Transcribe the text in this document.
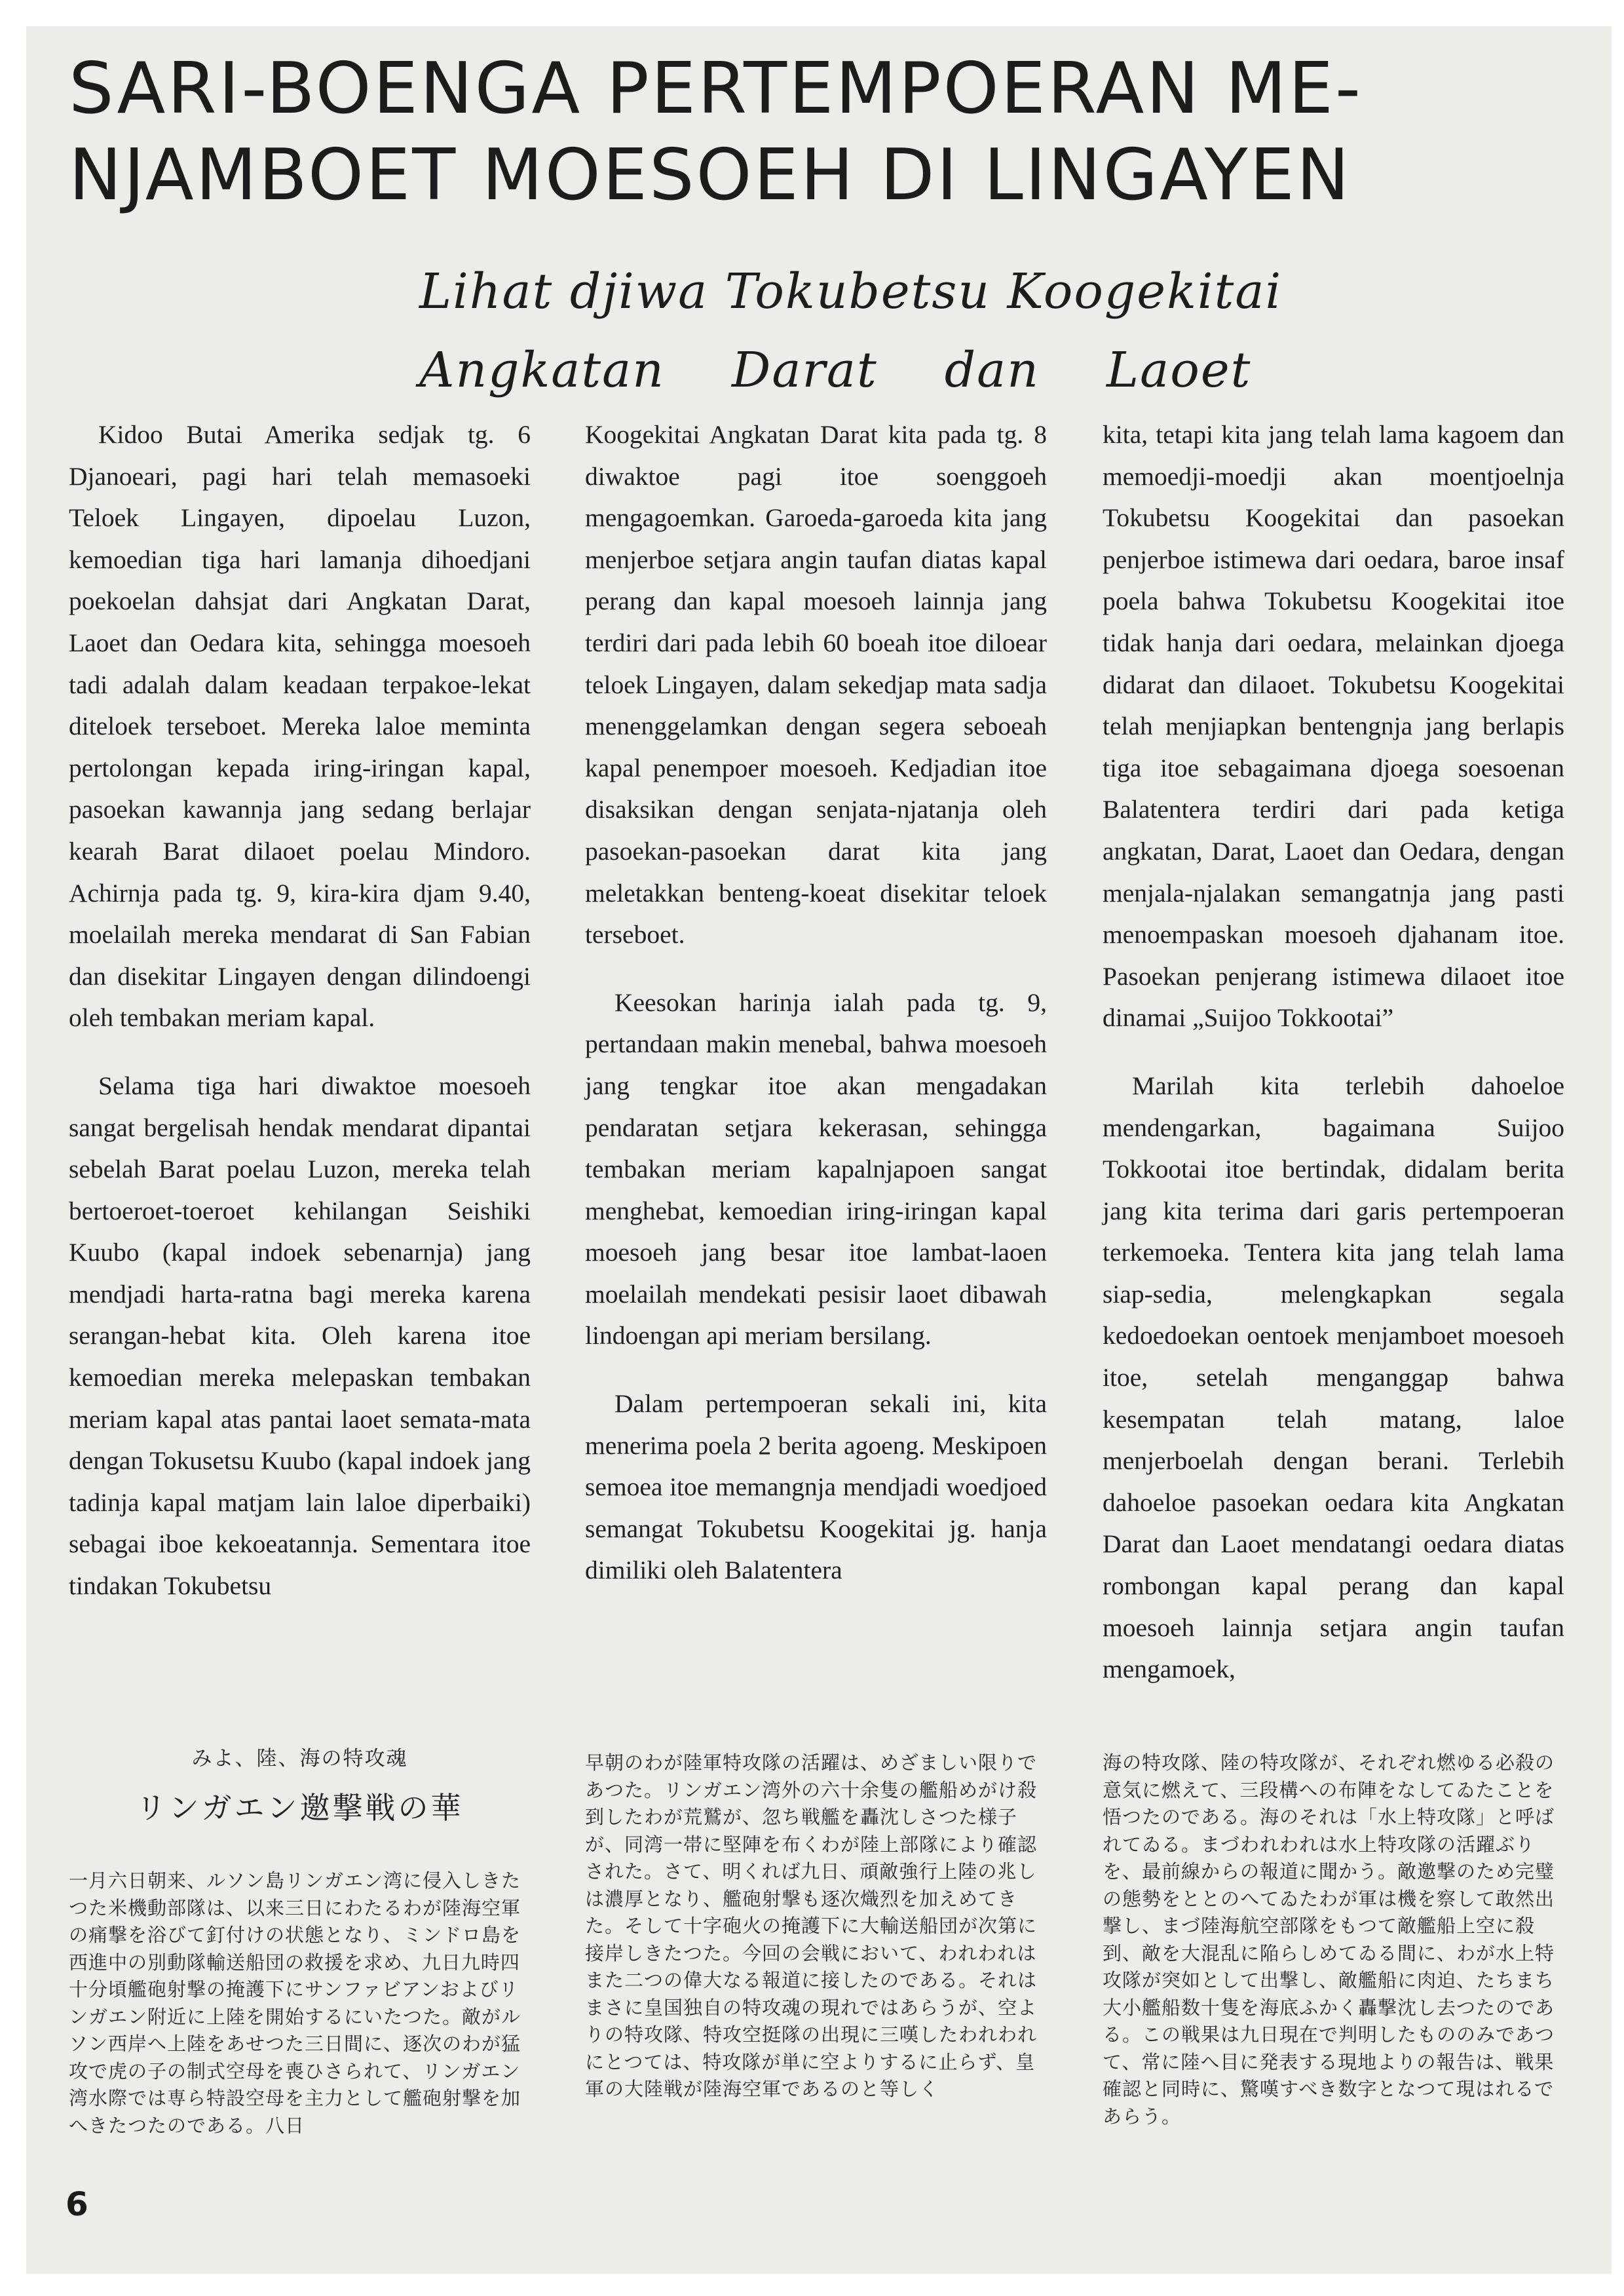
SARI-BOENGA PERTEMPOERAN ME-
NJAMBOET MOESOEH DI LINGAYEN
Lihat djiwa Tokubetsu Koogekitai
Angkatan    Darat    dan    Laoet

Kidoo Butai Amerika sedjak tg. 6 Djanoeari, pagi hari telah memasoeki Teloek Lingayen, dipoelau Luzon, kemoedian tiga hari lamanja dihoedjani poekoelan dahsjat dari Angkatan Darat, Laoet dan Oedara kita, sehingga moesoeh tadi adalah dalam keadaan terpakoe-lekat diteloek terseboet. Mereka laloe meminta pertolongan kepada iring-iringan kapal, pasoekan kawannja jang sedang berlajar kearah Barat dilaoet poelau Mindoro. Achirnja pada tg. 9, kira-kira djam 9.40, moelailah mereka mendarat di San Fabian dan disekitar Lingayen dengan dilindoengi oleh tembakan meriam kapal.

Selama tiga hari diwaktoe moesoeh sangat bergelisah hendak mendarat dipantai sebelah Barat poelau Luzon, mereka telah bertoeroet-toeroet kehilangan Seishiki Kuubo (kapal indoek sebenarnja) jang mendjadi harta-ratna bagi mereka karena serangan-hebat kita. Oleh karena itoe kemoedian mereka melepaskan tembakan meriam kapal atas pantai laoet semata-mata dengan Tokusetsu Kuubo (kapal indoek jang tadinja kapal matjam lain laloe diperbaiki) sebagai iboe kekoeatannja. Sementara itoe tindakan Tokubetsu

Koogekitai Angkatan Darat kita pada tg. 8 diwaktoe pagi itoe soenggoeh mengagoemkan. Garoeda-garoeda kita jang menjerboe setjara angin taufan diatas kapal perang dan kapal moesoeh lainnja jang terdiri dari pada lebih 60 boeah itoe diloear teloek Lingayen, dalam sekedjap mata sadja menenggelamkan dengan segera seboeah kapal penempoer moesoeh. Kedjadian itoe disaksikan dengan senjata-njatanja oleh pasoekan-pasoekan darat kita jang meletakkan benteng-koeat disekitar teloek terseboet.

Keesokan harinja ialah pada tg. 9, pertandaan makin menebal, bahwa moesoeh jang tengkar itoe akan mengadakan pendaratan setjara kekerasan, sehingga tembakan meriam kapalnjapoen sangat menghebat, kemoedian iring-iringan kapal moesoeh jang besar itoe lambat-laoen moelailah mendekati pesisir laoet dibawah lindoengan api meriam bersilang.

Dalam pertempoeran sekali ini, kita menerima poela 2 berita agoeng. Meskipoen semoea itoe memangnja mendjadi woedjoed semangat Tokubetsu Koogekitai jg. hanja dimiliki oleh Balatentera

kita, tetapi kita jang telah lama kagoem dan memoedji-moedji akan moentjoelnja Tokubetsu Koogekitai dan pasoekan penjerboe istimewa dari oedara, baroe insaf poela bahwa Tokubetsu Koogekitai itoe tidak hanja dari oedara, melainkan djoega didarat dan dilaoet. Tokubetsu Koogekitai telah menjiapkan bentengnja jang berlapis tiga itoe sebagaimana djoega soesoenan Balatentera terdiri dari pada ketiga angkatan, Darat, Laoet dan Oedara, dengan menjala-njalakan semangatnja jang pasti menoempaskan moesoeh djahanam itoe. Pasoekan penjerang istimewa dilaoet itoe dinamai „Suijoo Tokkootai”

Marilah kita terlebih dahoeloe mendengarkan, bagaimana Suijoo Tokkootai itoe bertindak, didalam berita jang kita terima dari garis pertempoeran terkemoeka. Tentera kita jang telah lama siap-sedia, melengkapkan segala kedoedoekan oentoek menjamboet moesoeh itoe, setelah menganggap bahwa kesempatan telah matang, laloe menjerboelah dengan berani. Terlebih dahoeloe pasoekan oedara kita Angkatan Darat dan Laoet mendatangi oedara diatas rombongan kapal perang dan kapal moesoeh lainnja setjara angin taufan mengamoek,

みよ、陸、海の特攻魂
リンガエン邀撃戦の華

一月六日朝来、ルソン島リンガエン湾に侵入しきたつた米機動部隊は、以来三日にわたるわが陸海空軍の痛撃を浴びて釘付けの状態となり、ミンドロ島を西進中の別動隊輸送船団の救援を求め、九日九時四十分頃艦砲射撃の掩護下にサンファビアンおよびリンガエン附近に上陸を開始するにいたつた。敵がルソン西岸へ上陸をあせつた三日間に、逐次のわが猛攻で虎の子の制式空母を喪ひさられて、リンガエン湾水際では専ら特設空母を主力として艦砲射撃を加へきたつたのである。八日

早朝のわが陸軍特攻隊の活躍は、めざましい限りであつた。リンガエン湾外の六十余隻の艦船めがけ殺到したわが荒鷲が、忽ち戦艦を轟沈しさつた様子が、同湾一帯に堅陣を布くわが陸上部隊により確認された。さて、明くれば九日、頑敵強行上陸の兆しは濃厚となり、艦砲射撃も逐次熾烈を加えめてきた。そして十字砲火の掩護下に大輸送船団が次第に接岸しきたつた。今回の会戦において、われわれはまた二つの偉大なる報道に接したのである。それはまさに皇国独自の特攻魂の現れではあらうが、空よりの特攻隊、特攻空挺隊の出現に三嘆したわれわれにとつては、特攻隊が単に空よりするに止らず、皇軍の大陸戦が陸海空軍であるのと等しく

海の特攻隊、陸の特攻隊が、それぞれ燃ゆる必殺の意気に燃えて、三段構への布陣をなしてゐたことを悟つたのである。海のそれは「水上特攻隊」と呼ばれてゐる。まづわれわれは水上特攻隊の活躍ぶりを、最前線からの報道に聞かう。敵邀撃のため完璧の態勢をととのへてゐたわが軍は機を察して敢然出撃し、まづ陸海航空部隊をもつて敵艦船上空に殺到、敵を大混乱に陥らしめてゐる間に、わが水上特攻隊が突如として出撃し、敵艦船に肉迫、たちまち大小艦船数十隻を海底ふかく轟撃沈し去つたのである。この戦果は九日現在で判明したもののみであつて、常に陸へ目に発表する現地よりの報告は、戦果確認と同時に、驚嘆すべき数字となつて現はれるであらう。

6
